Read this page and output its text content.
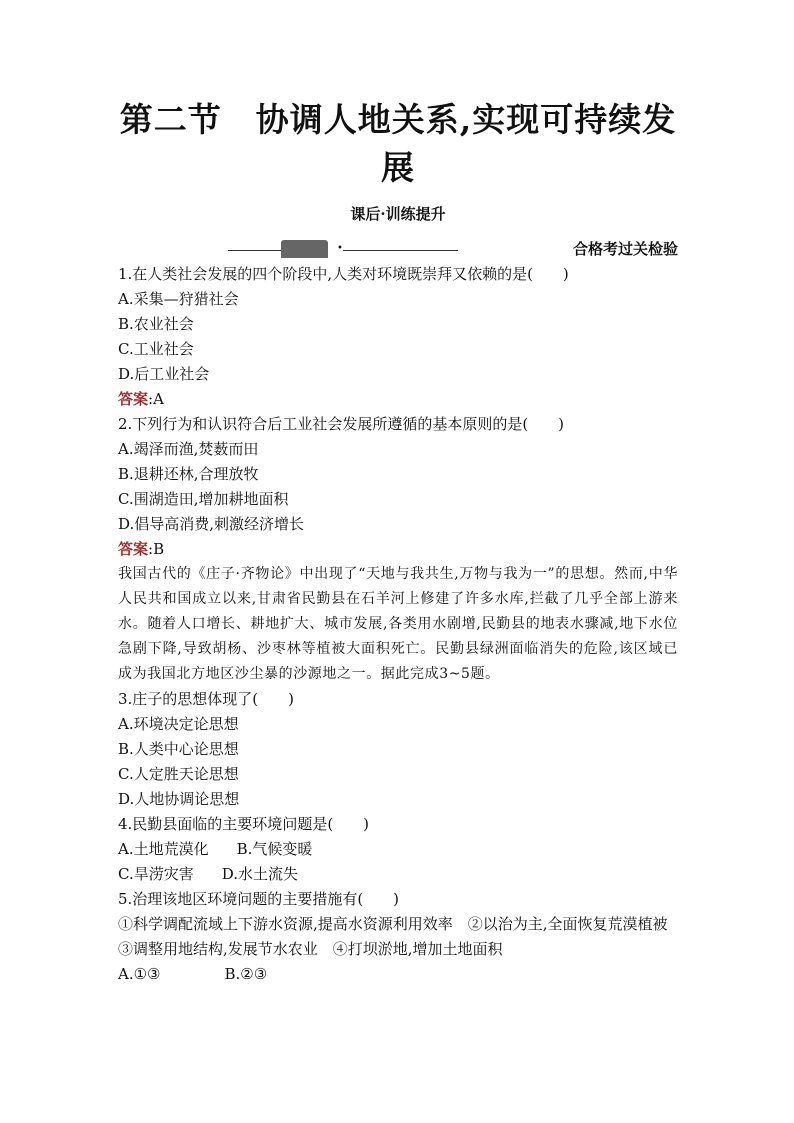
第二节　协调人地关系,实现可持续发展
课后·训练提升
•	合格考过关检验
1.在人类社会发展的四个阶段中,人类对环境既崇拜又依赖的是(　　)
A.采集—狩猎社会
B.农业社会
C.工业社会
D.后工业社会
答案:A
2.下列行为和认识符合后工业社会发展所遵循的基本原则的是(　　)
A.竭泽而渔,焚薮而田
B.退耕还林,合理放牧
C.围湖造田,增加耕地面积
D.倡导高消费,刺激经济增长
答案:B

我国古代的《庄子·齐物论》中出现了“天地与我共生,万物与我为一”的思想。然而,中华人民共和国成立以来,甘肃省民勤县在石羊河上修建了许多水库,拦截了几乎全部上游来水。随着人口增长、耕地扩大、城市发展,各类用水剧增,民勤县的地表水骤减,地下水位急剧下降,导致胡杨、沙枣林等植被大面积死亡。民勤县绿洲面临消失的危险,该区域已成为我国北方地区沙尘暴的沙源地之一。据此完成3~5题。

3.庄子的思想体现了(　　)
A.环境决定论思想
B.人类中心论思想
C.人定胜天论思想
D.人地协调论思想
4.民勤县面临的主要环境问题是(　　)
A.土地荒漠化 B.气候变暖
C.旱涝灾害 D.水土流失
5.治理该地区环境问题的主要措施有(　　)
①科学调配流域上下游水资源,提高水资源利用效率　②以治为主,全面恢复荒漠植被　③调整用地结构,发展节水农业　④打坝淤地,增加土地面积
A.①③	B.②③
